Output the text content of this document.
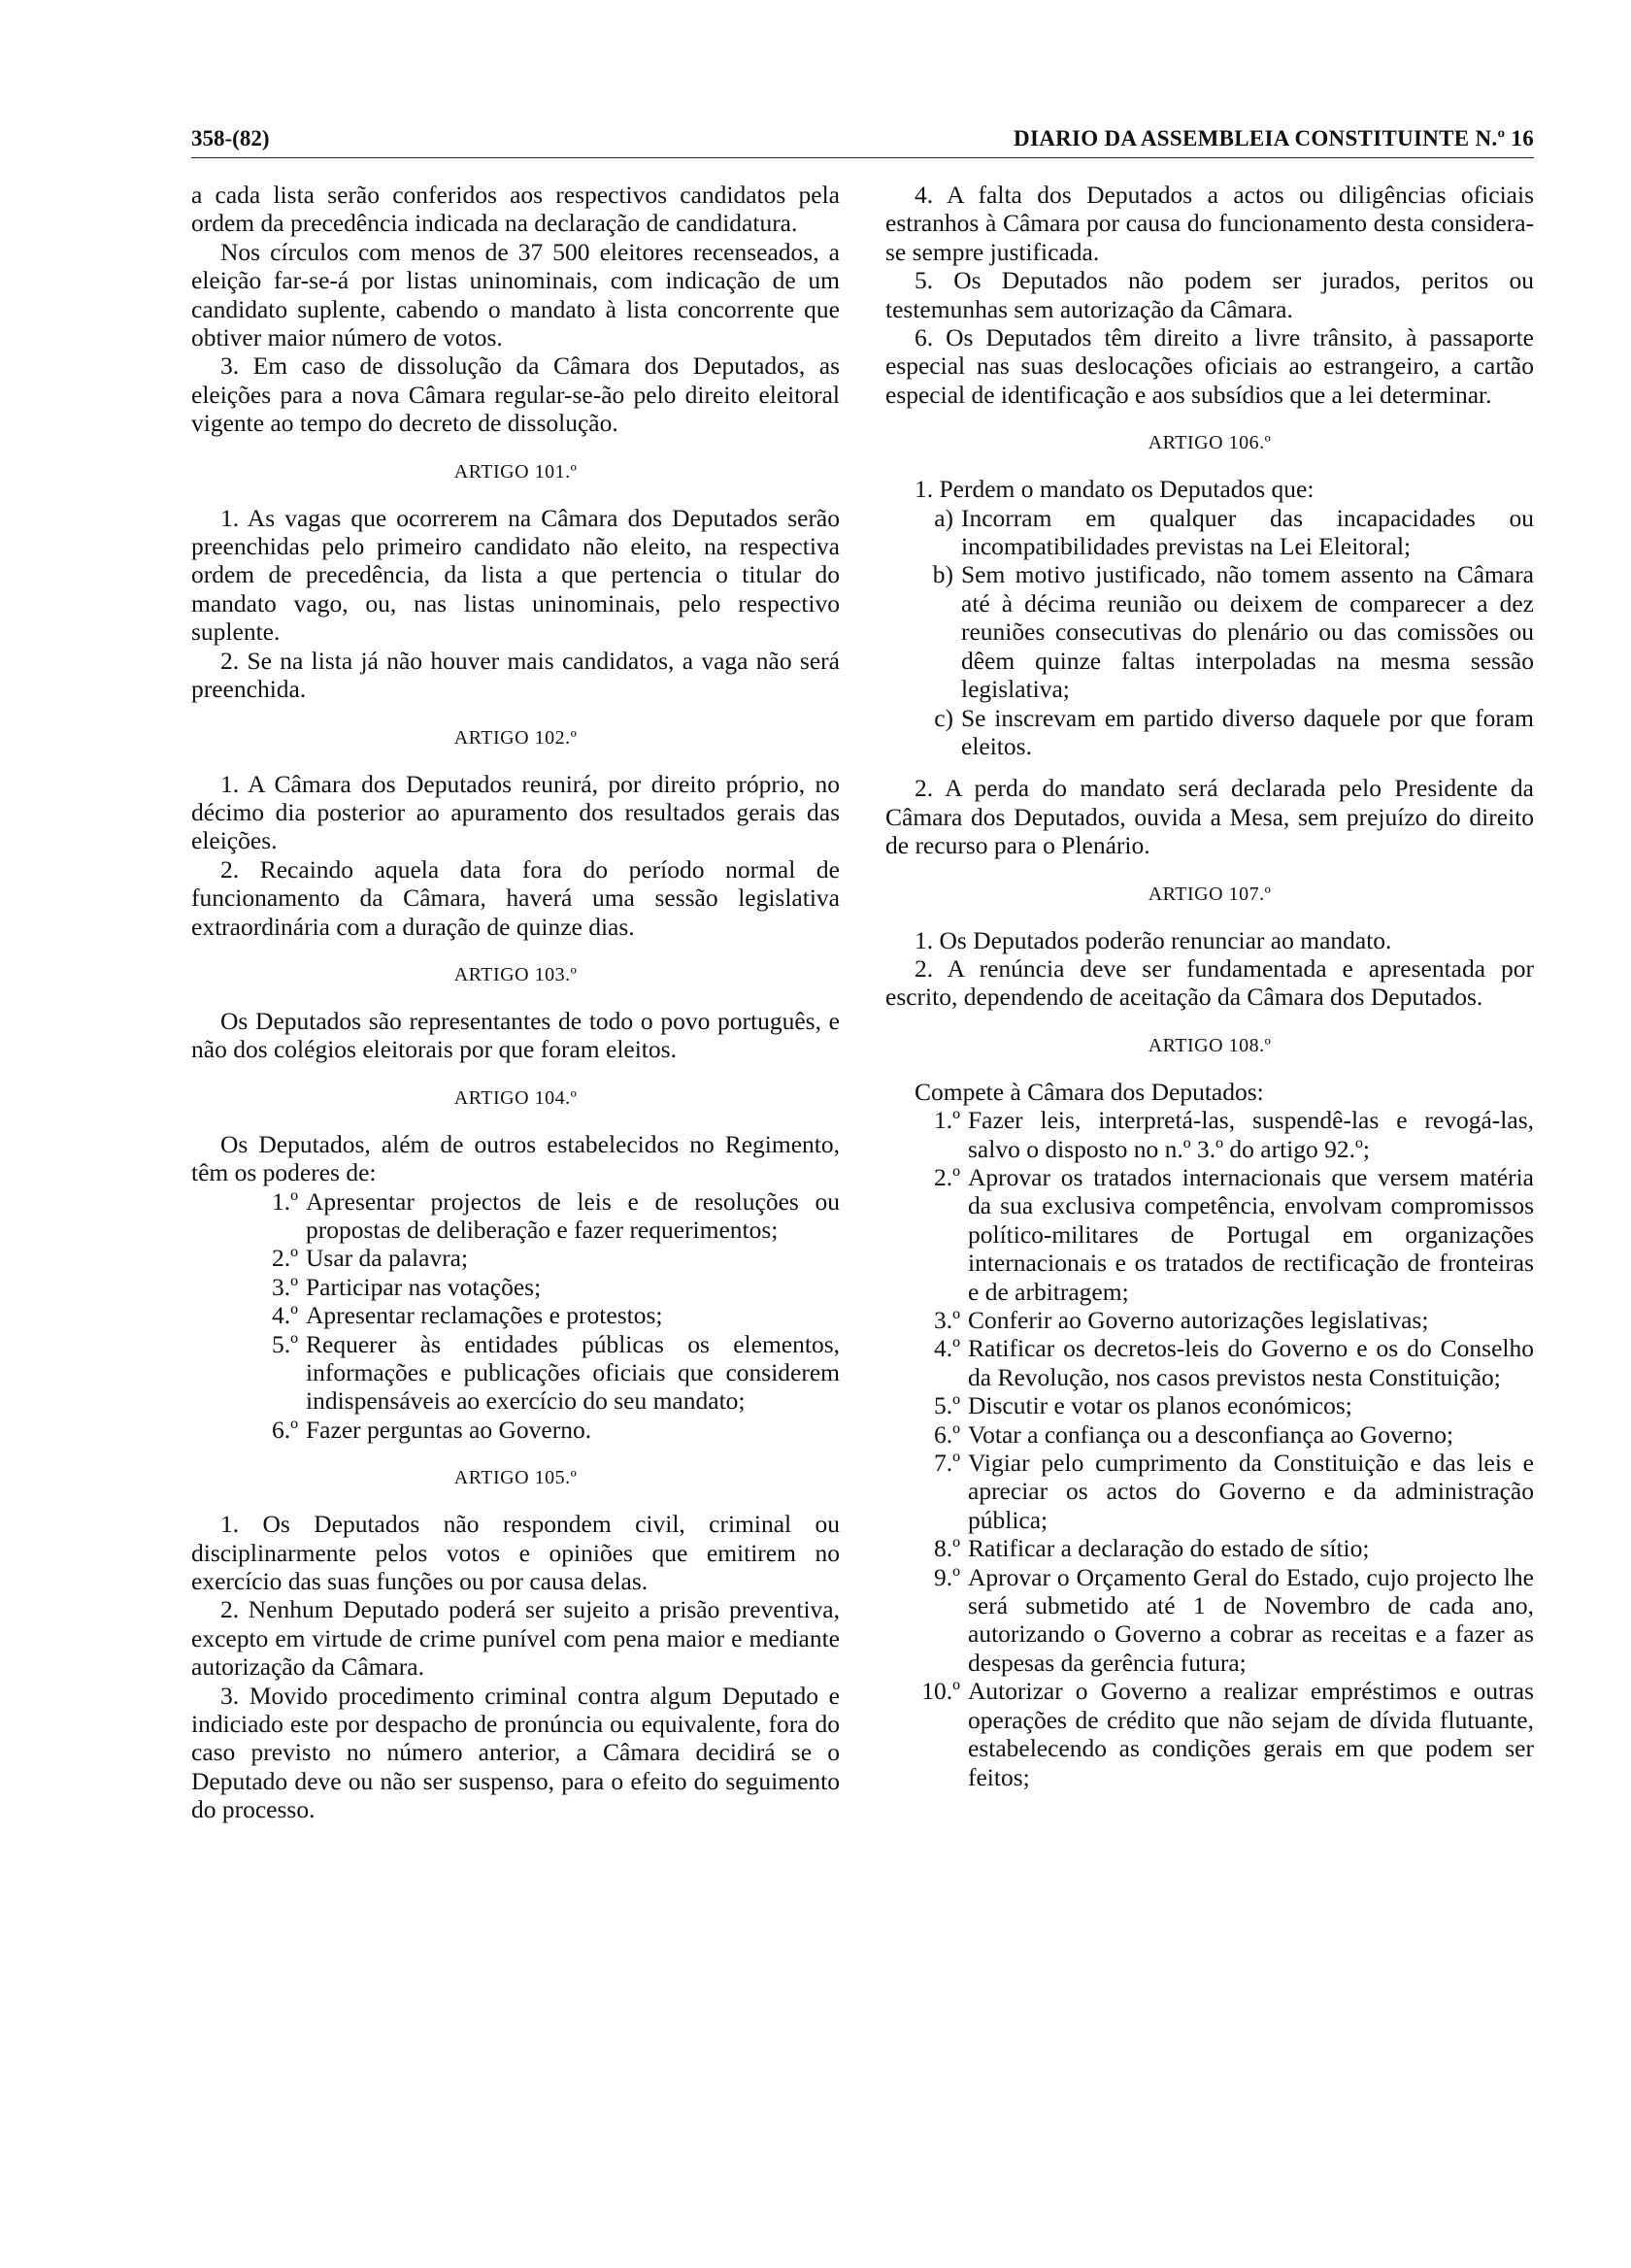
358-(82)	DIARIO DA ASSEMBLEIA CONSTITUINTE N.º 16

a cada lista serão conferidos aos respectivos candidatos pela ordem da precedência indicada na declaração de candidatura.

Nos círculos com menos de 37 500 eleitores recenseados, a eleição far-se-á por listas uninominais, com indicação de um candidato suplente, cabendo o mandato à lista concorrente que obtiver maior número de votos.

3. Em caso de dissolução da Câmara dos Deputados, as eleições para a nova Câmara regular-se-ão pelo direito eleitoral vigente ao tempo do decreto de dissolução.

ARTIGO 101.º

1. As vagas que ocorrerem na Câmara dos Deputados serão preenchidas pelo primeiro candidato não eleito, na respectiva ordem de precedência, da lista a que pertencia o titular do mandato vago, ou, nas listas uninominais, pelo respectivo suplente.

2. Se na lista já não houver mais candidatos, a vaga não será preenchida.

ARTIGO 102.º

1. A Câmara dos Deputados reunirá, por direito próprio, no décimo dia posterior ao apuramento dos resultados gerais das eleições.

2. Recaindo aquela data fora do período normal de funcionamento da Câmara, haverá uma sessão legislativa extraordinária com a duração de quinze dias.

ARTIGO 103.º

Os Deputados são representantes de todo o povo português, e não dos colégios eleitorais por que foram eleitos.

ARTIGO 104.º

Os Deputados, além de outros estabelecidos no Regimento, têm os poderes de:

1.º Apresentar projectos de leis e de resoluções ou propostas de deliberação e fazer requerimentos;
2.º Usar da palavra;
3.º Participar nas votações;
4.º Apresentar reclamações e protestos;
5.º Requerer às entidades públicas os elementos, informações e publicações oficiais que considerem indispensáveis ao exercício do seu mandato;
6.º Fazer perguntas ao Governo.
ARTIGO 105.º

1. Os Deputados não respondem civil, criminal ou disciplinarmente pelos votos e opiniões que emitirem no exercício das suas funções ou por causa delas.

2. Nenhum Deputado poderá ser sujeito a prisão preventiva, excepto em virtude de crime punível com pena maior e mediante autorização da Câmara.

3. Movido procedimento criminal contra algum Deputado e indiciado este por despacho de pronúncia ou equivalente, fora do caso previsto no número anterior, a Câmara decidirá se o Deputado deve ou não ser suspenso, para o efeito do seguimento do processo.

4. A falta dos Deputados a actos ou diligências oficiais estranhos à Câmara por causa do funcionamento desta considera-se sempre justificada.

5. Os Deputados não podem ser jurados, peritos ou testemunhas sem autorização da Câmara.

6. Os Deputados têm direito a livre trânsito, à passaporte especial nas suas deslocações oficiais ao estrangeiro, a cartão especial de identificação e aos subsídios que a lei determinar.

ARTIGO 106.º

1. Perdem o mandato os Deputados que:

a) Incorram em qualquer das incapacidades ou incompatibilidades previstas na Lei Eleitoral;
b) Sem motivo justificado, não tomem assento na Câmara até à décima reunião ou deixem de comparecer a dez reuniões consecutivas do plenário ou das comissões ou dêem quinze faltas interpoladas na mesma sessão legislativa;
c) Se inscrevam em partido diverso daquele por que foram eleitos.

2. A perda do mandato será declarada pelo Presidente da Câmara dos Deputados, ouvida a Mesa, sem prejuízo do direito de recurso para o Plenário.

ARTIGO 107.º

1. Os Deputados poderão renunciar ao mandato.

2. A renúncia deve ser fundamentada e apresentada por escrito, dependendo de aceitação da Câmara dos Deputados.

ARTIGO 108.º

Compete à Câmara dos Deputados:

1.º Fazer leis, interpretá-las, suspendê-las e revogá-las, salvo o disposto no n.º 3.º do artigo 92.º;
2.º Aprovar os tratados internacionais que versem matéria da sua exclusiva competência, envolvam compromissos político-militares de Portugal em organizações internacionais e os tratados de rectificação de fronteiras e de arbitragem;
3.º Conferir ao Governo autorizações legislativas;
4.º Ratificar os decretos-leis do Governo e os do Conselho da Revolução, nos casos previstos nesta Constituição;
5.º Discutir e votar os planos económicos;
6.º Votar a confiança ou a desconfiança ao Governo;
7.º Vigiar pelo cumprimento da Constituição e das leis e apreciar os actos do Governo e da administração pública;
8.º Ratificar a declaração do estado de sítio;
9.º Aprovar o Orçamento Geral do Estado, cujo projecto lhe será submetido até 1 de Novembro de cada ano, autorizando o Governo a cobrar as receitas e a fazer as despesas da gerência futura;
10.º Autorizar o Governo a realizar empréstimos e outras operações de crédito que não sejam de dívida flutuante, estabelecendo as condições gerais em que podem ser feitos;
